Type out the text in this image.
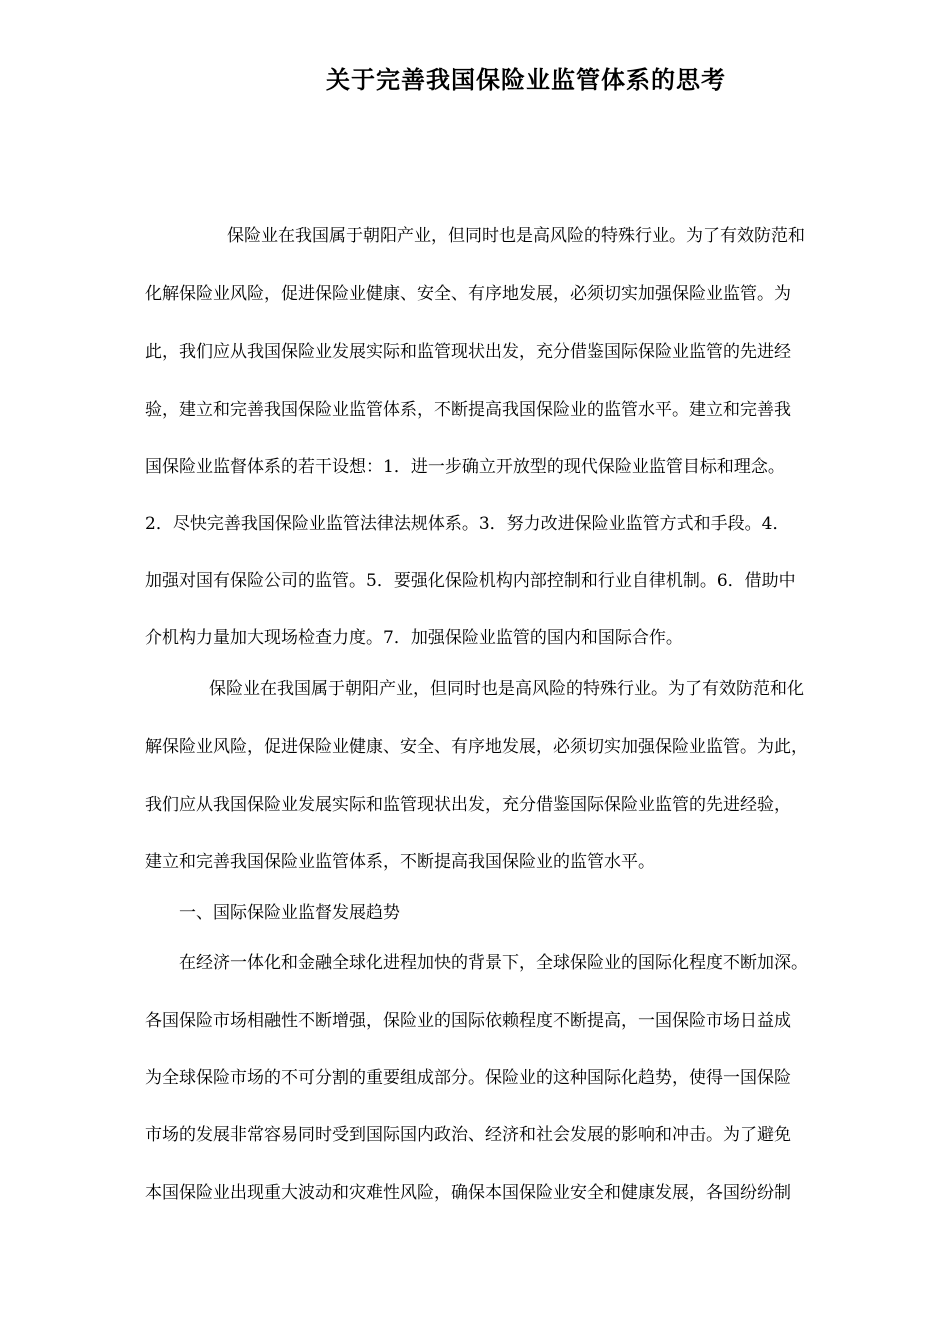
关于完善我国保险业监管体系的思考
保险业在我国属于朝阳产业，但同时也是高风险的特殊行业。为了有效防范和
化解保险业风险，促进保险业健康、安全、有序地发展，必须切实加强保险业监管。为
此，我们应从我国保险业发展实际和监管现状出发，充分借鉴国际保险业监管的先进经
验，建立和完善我国保险业监管体系，不断提高我国保险业的监管水平。建立和完善我
国保险业监督体系的若干设想：1．进一步确立开放型的现代保险业监管目标和理念。
2．尽快完善我国保险业监管法律法规体系。3．努力改进保险业监管方式和手段。4．
加强对国有保险公司的监管。5．要强化保险机构内部控制和行业自律机制。6．借助中
介机构力量加大现场检查力度。7．加强保险业监管的国内和国际合作。
保险业在我国属于朝阳产业，但同时也是高风险的特殊行业。为了有效防范和化
解保险业风险，促进保险业健康、安全、有序地发展，必须切实加强保险业监管。为此，
我们应从我国保险业发展实际和监管现状出发，充分借鉴国际保险业监管的先进经验，
建立和完善我国保险业监管体系，不断提高我国保险业的监管水平。
一、国际保险业监督发展趋势
在经济一体化和金融全球化进程加快的背景下，全球保险业的国际化程度不断加深。
各国保险市场相融性不断增强，保险业的国际依赖程度不断提高，一国保险市场日益成
为全球保险市场的不可分割的重要组成部分。保险业的这种国际化趋势，使得一国保险
市场的发展非常容易同时受到国际国内政治、经济和社会发展的影响和冲击。为了避免
本国保险业出现重大波动和灾难性风险，确保本国保险业安全和健康发展，各国纷纷制
